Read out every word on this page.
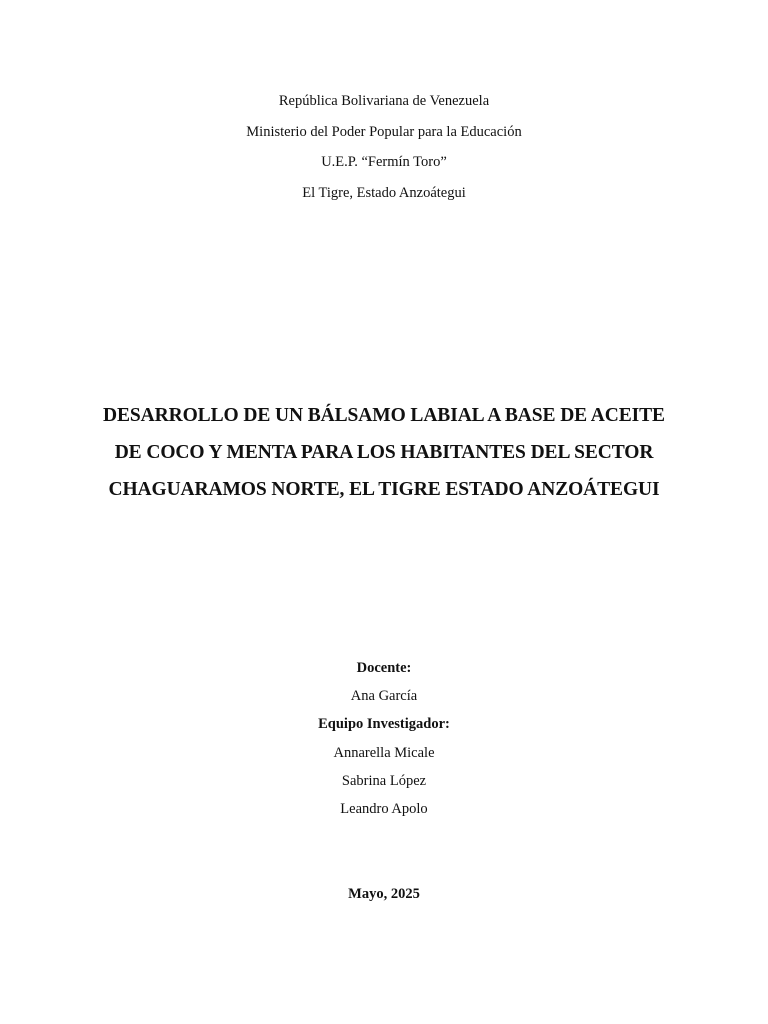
República Bolivariana de Venezuela
Ministerio del Poder Popular para la Educación
U.E.P. “Fermín Toro”
El Tigre, Estado Anzoátegui
DESARROLLO DE UN BÁLSAMO LABIAL A BASE DE ACEITE
DE COCO Y MENTA PARA LOS HABITANTES DEL SECTOR
CHAGUARAMOS NORTE, EL TIGRE ESTADO ANZOÁTEGUI
Docente:
Ana García
Equipo Investigador:
Annarella Micale
Sabrina López
Leandro Apolo
Mayo, 2025
